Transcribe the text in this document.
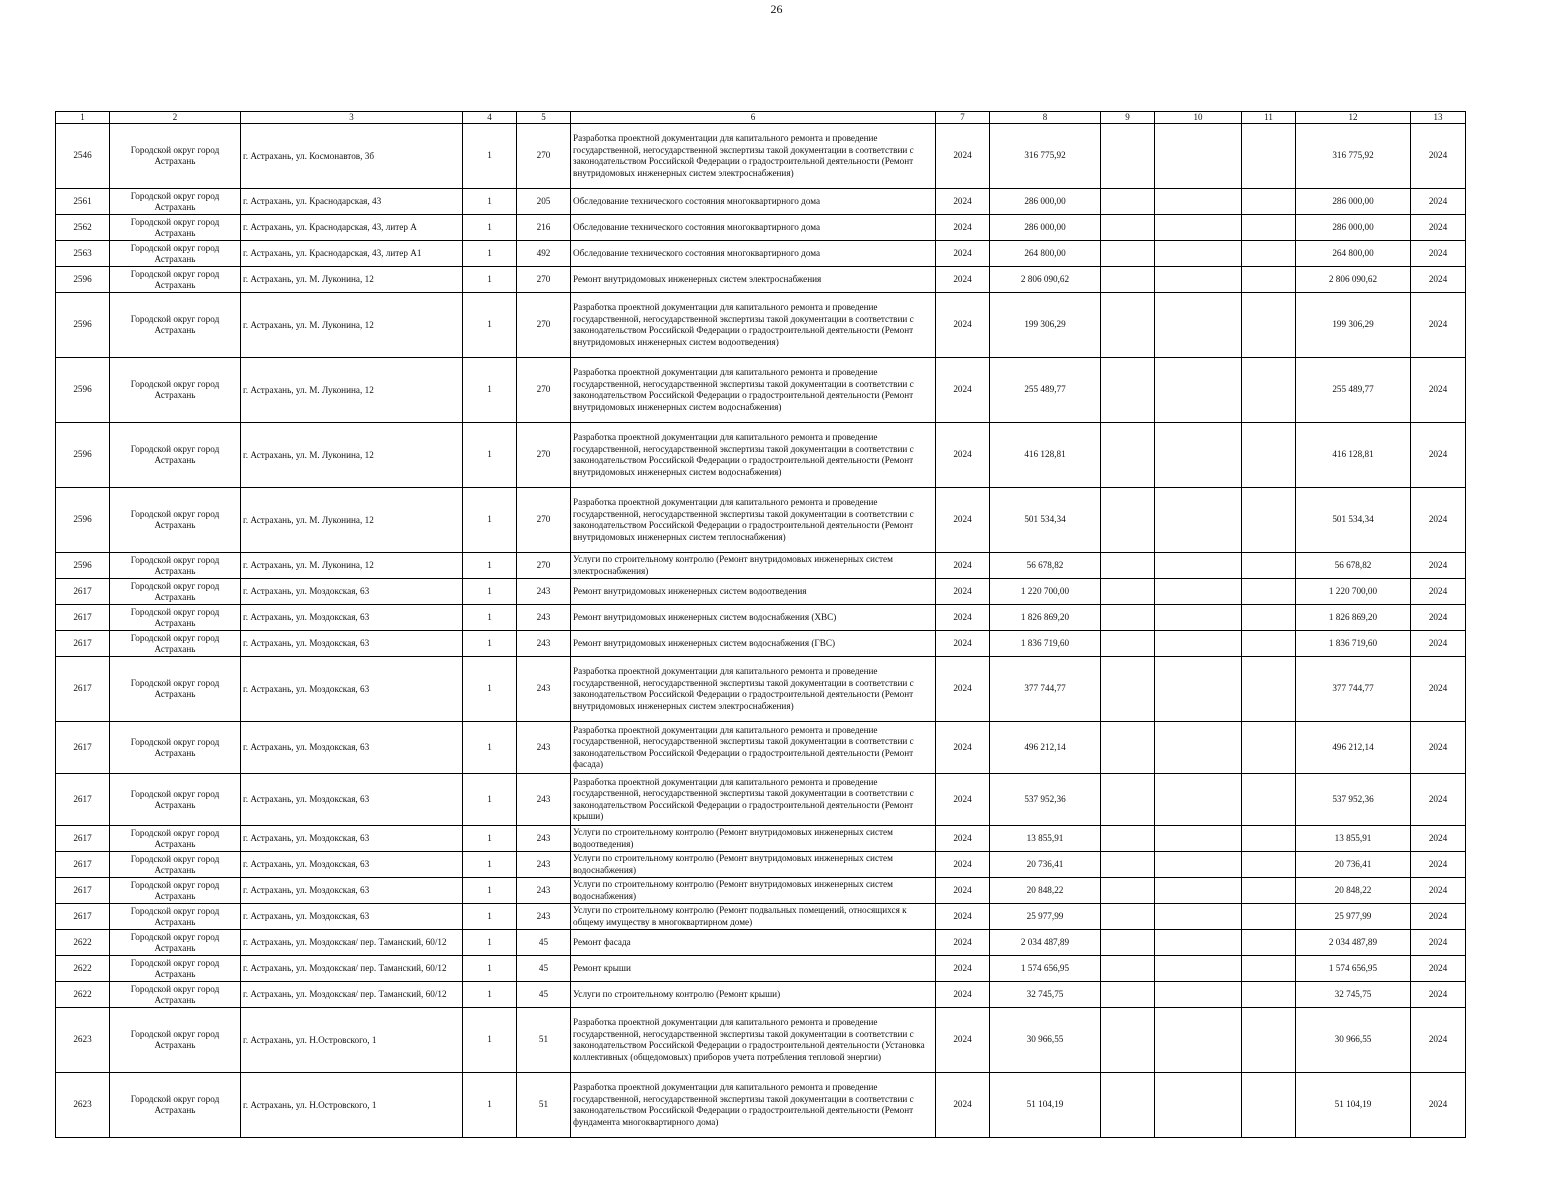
26
1	2	3	4	5	6	7	8	9	10	11	12	13
2546	Городской округ город Астрахань	г. Астрахань, ул. Космонавтов, 3б	1	270	Разработка проектной документации для капитального ремонта и проведение государственной, негосударственной экспертизы такой документации в соответствии с законодательством Российской Федерации о градостроительной деятельности (Ремонт внутридомовых инженерных систем электроснабжения)	2024	316 775,92				316 775,92	2024
2561	Городской округ город Астрахань	г. Астрахань, ул. Краснодарская, 43	1	205	Обследование технического состояния многоквартирного дома	2024	286 000,00				286 000,00	2024
2562	Городской округ город Астрахань	г. Астрахань, ул. Краснодарская, 43, литер А	1	216	Обследование технического состояния многоквартирного дома	2024	286 000,00				286 000,00	2024
2563	Городской округ город Астрахань	г. Астрахань, ул. Краснодарская, 43, литер А1	1	492	Обследование технического состояния многоквартирного дома	2024	264 800,00				264 800,00	2024
2596	Городской округ город Астрахань	г. Астрахань, ул. М. Луконина, 12	1	270	Ремонт внутридомовых инженерных систем электроснабжения	2024	2 806 090,62				2 806 090,62	2024
2596	Городской округ город Астрахань	г. Астрахань, ул. М. Луконина, 12	1	270	Разработка проектной документации для капитального ремонта и проведение государственной, негосударственной экспертизы такой документации в соответствии с законодательством Российской Федерации о градостроительной деятельности (Ремонт внутридомовых инженерных систем водоотведения)	2024	199 306,29				199 306,29	2024
2596	Городской округ город Астрахань	г. Астрахань, ул. М. Луконина, 12	1	270	Разработка проектной документации для капитального ремонта и проведение государственной, негосударственной экспертизы такой документации в соответствии с законодательством Российской Федерации о градостроительной деятельности (Ремонт внутридомовых инженерных систем водоснабжения)	2024	255 489,77				255 489,77	2024
2596	Городской округ город Астрахань	г. Астрахань, ул. М. Луконина, 12	1	270	Разработка проектной документации для капитального ремонта и проведение государственной, негосударственной экспертизы такой документации в соответствии с законодательством Российской Федерации о градостроительной деятельности (Ремонт внутридомовых инженерных систем водоснабжения)	2024	416 128,81				416 128,81	2024
2596	Городской округ город Астрахань	г. Астрахань, ул. М. Луконина, 12	1	270	Разработка проектной документации для капитального ремонта и проведение государственной, негосударственной экспертизы такой документации в соответствии с законодательством Российской Федерации о градостроительной деятельности (Ремонт внутридомовых инженерных систем теплоснабжения)	2024	501 534,34				501 534,34	2024
2596	Городской округ город Астрахань	г. Астрахань, ул. М. Луконина, 12	1	270	Услуги по строительному контролю (Ремонт внутридомовых инженерных систем электроснабжения)	2024	56 678,82				56 678,82	2024
2617	Городской округ город Астрахань	г. Астрахань, ул. Моздокская, 63	1	243	Ремонт внутридомовых инженерных систем водоотведения	2024	1 220 700,00				1 220 700,00	2024
2617	Городской округ город Астрахань	г. Астрахань, ул. Моздокская, 63	1	243	Ремонт внутридомовых инженерных систем водоснабжения (ХВС)	2024	1 826 869,20				1 826 869,20	2024
2617	Городской округ город Астрахань	г. Астрахань, ул. Моздокская, 63	1	243	Ремонт внутридомовых инженерных систем водоснабжения (ГВС)	2024	1 836 719,60				1 836 719,60	2024
2617	Городской округ город Астрахань	г. Астрахань, ул. Моздокская, 63	1	243	Разработка проектной документации для капитального ремонта и проведение государственной, негосударственной экспертизы такой документации в соответствии с законодательством Российской Федерации о градостроительной деятельности (Ремонт внутридомовых инженерных систем электроснабжения)	2024	377 744,77				377 744,77	2024
2617	Городской округ город Астрахань	г. Астрахань, ул. Моздокская, 63	1	243	Разработка проектной документации для капитального ремонта и проведение государственной, негосударственной экспертизы такой документации в соответствии с законодательством Российской Федерации о градостроительной деятельности (Ремонт фасада)	2024	496 212,14				496 212,14	2024
2617	Городской округ город Астрахань	г. Астрахань, ул. Моздокская, 63	1	243	Разработка проектной документации для капитального ремонта и проведение государственной, негосударственной экспертизы такой документации в соответствии с законодательством Российской Федерации о градостроительной деятельности (Ремонт крыши)	2024	537 952,36				537 952,36	2024
2617	Городской округ город Астрахань	г. Астрахань, ул. Моздокская, 63	1	243	Услуги по строительному контролю (Ремонт внутридомовых инженерных систем водоотведения)	2024	13 855,91				13 855,91	2024
2617	Городской округ город Астрахань	г. Астрахань, ул. Моздокская, 63	1	243	Услуги по строительному контролю (Ремонт внутридомовых инженерных систем водоснабжения)	2024	20 736,41				20 736,41	2024
2617	Городской округ город Астрахань	г. Астрахань, ул. Моздокская, 63	1	243	Услуги по строительному контролю (Ремонт внутридомовых инженерных систем водоснабжения)	2024	20 848,22				20 848,22	2024
2617	Городской округ город Астрахань	г. Астрахань, ул. Моздокская, 63	1	243	Услуги по строительному контролю (Ремонт подвальных помещений, относящихся к общему имуществу в многоквартирном доме)	2024	25 977,99				25 977,99	2024
2622	Городской округ город Астрахань	г. Астрахань, ул. Моздокская/ пер. Таманский, 60/12	1	45	Ремонт фасада	2024	2 034 487,89				2 034 487,89	2024
2622	Городской округ город Астрахань	г. Астрахань, ул. Моздокская/ пер. Таманский, 60/12	1	45	Ремонт крыши	2024	1 574 656,95				1 574 656,95	2024
2622	Городской округ город Астрахань	г. Астрахань, ул. Моздокская/ пер. Таманский, 60/12	1	45	Услуги по строительному контролю (Ремонт крыши)	2024	32 745,75				32 745,75	2024
2623	Городской округ город Астрахань	г. Астрахань, ул. Н.Островского, 1	1	51	Разработка проектной документации для капитального ремонта и проведение государственной, негосударственной экспертизы такой документации в соответствии с законодательством Российской Федерации о градостроительной деятельности (Установка коллективных (общедомовых) приборов учета потребления тепловой энергии)	2024	30 966,55				30 966,55	2024
2623	Городской округ город Астрахань	г. Астрахань, ул. Н.Островского, 1	1	51	Разработка проектной документации для капитального ремонта и проведение государственной, негосударственной экспертизы такой документации в соответствии с законодательством Российской Федерации о градостроительной деятельности (Ремонт фундамента многоквартирного дома)	2024	51 104,19				51 104,19	2024
